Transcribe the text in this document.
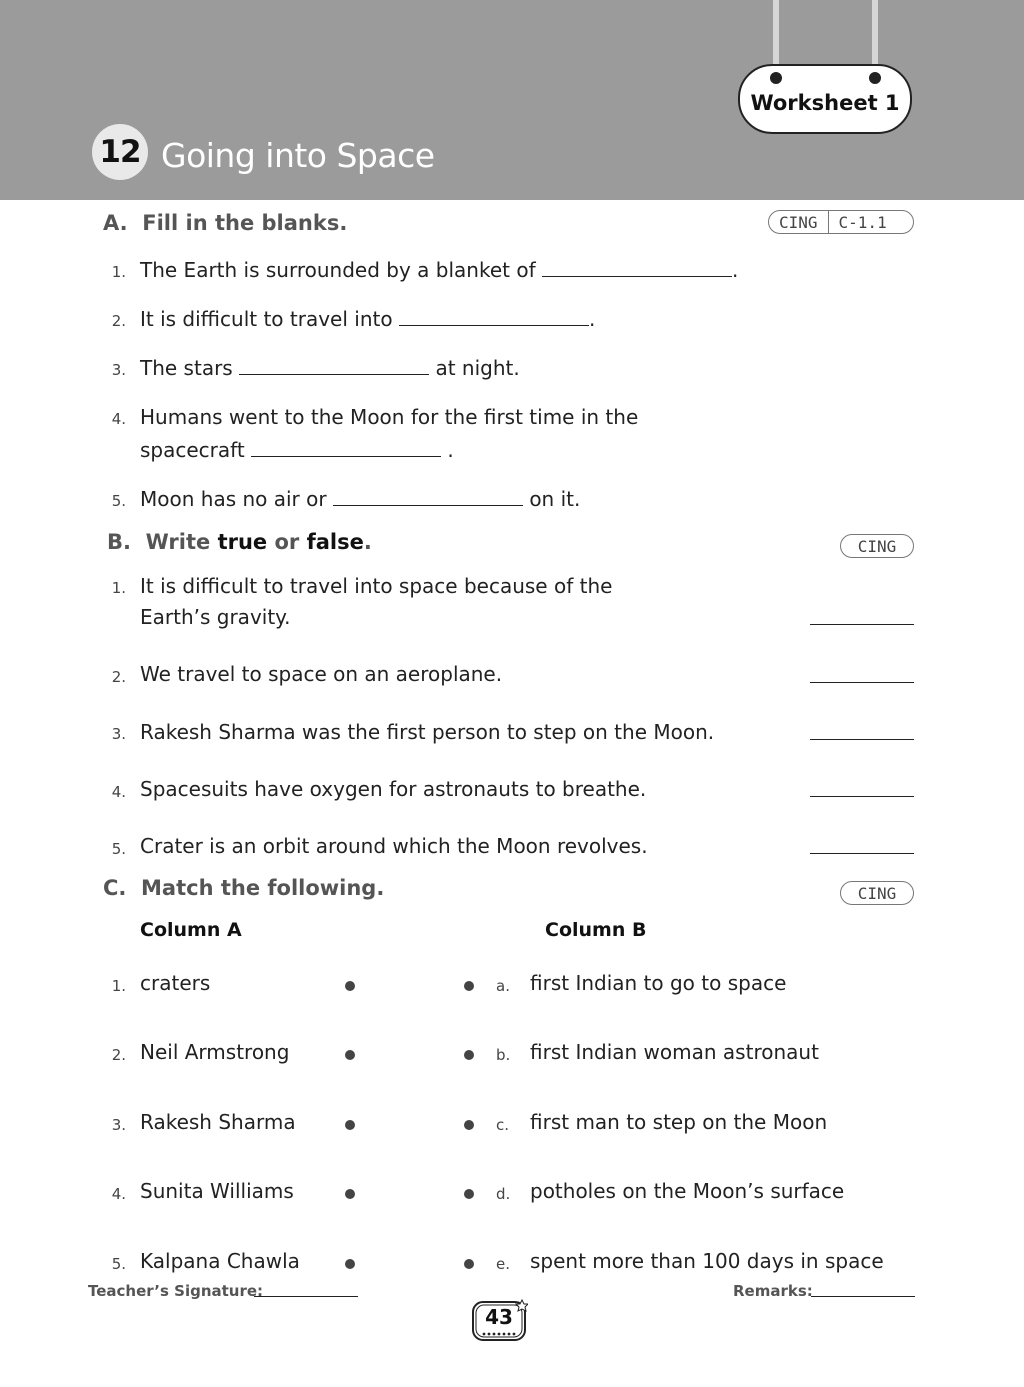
Worksheet 1
12 Going into Space
A. Fill in the blanks.	CING	C-1.1
1. The Earth is surrounded by a blanket of	.
2. It is difficult to travel into	.
3. The stars	at night.
4. Humans went to the Moon for the first time in the
spacecraft	.
5. Moon has no air or	on it.
B. Write true or false.	CING
1. It is difficult to travel into space because of the
Earth’s gravity.
2. We travel to space on an aeroplane.
3. Rakesh Sharma was the first person to step on the Moon.
4. Spacesuits have oxygen for astronauts to breathe.
5. Crater is an orbit around which the Moon revolves.
C. Match the following.	CING
Column A	Column B
1. craters	a. first Indian to go to space
2. Neil Armstrong	b. first Indian woman astronaut
3. Rakesh Sharma	c. first man to step on the Moon
4. Sunita Williams	d. potholes on the Moon’s surface
5. Kalpana Chawla	e. spent more than 100 days in space
Teacher’s Signature:	Remarks:
43
